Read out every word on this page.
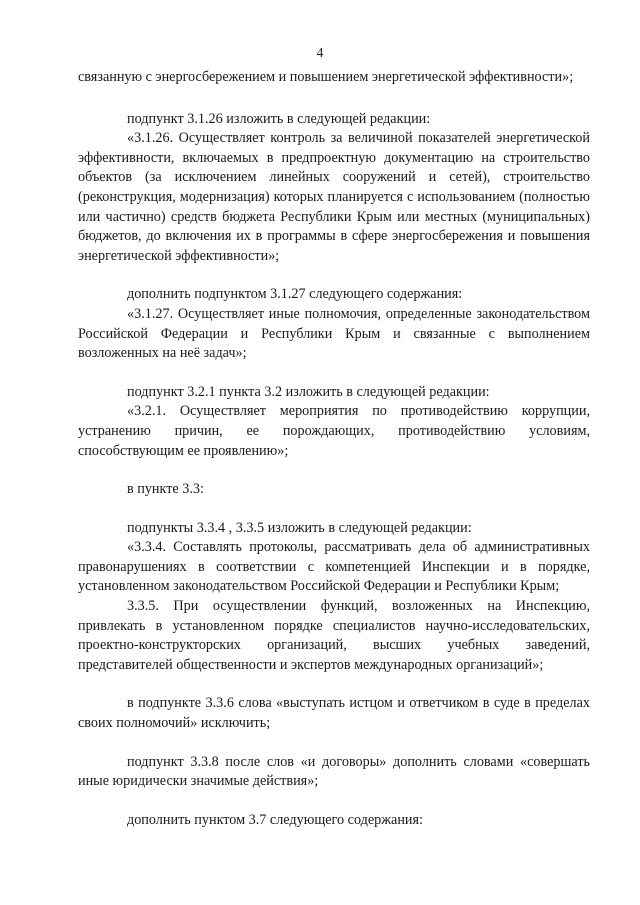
4

связанную с энергосбережением и повышением энергетической эффективности»;

подпункт 3.1.26 изложить в следующей редакции:

«3.1.26. Осуществляет контроль за величиной показателей энергетической эффективности, включаемых в предпроектную документацию на строительство объектов (за исключением линейных сооружений и сетей), строительство (реконструкция, модернизация) которых планируется с использованием (полностью или частично) средств бюджета Республики Крым или местных (муниципальных) бюджетов, до включения их в программы в сфере энергосбережения и повышения энергетической эффективности»;

дополнить подпунктом 3.1.27 следующего содержания:

«3.1.27. Осуществляет иные полномочия, определенные законодательством Российской Федерации и Республики Крым и связанные с выполнением возложенных на неё задач»;

подпункт 3.2.1 пункта 3.2 изложить в следующей редакции:

«3.2.1. Осуществляет мероприятия по противодействию коррупции, устранению причин, ее порождающих, противодействию условиям, способствующим ее проявлению»;

в пункте 3.3:

подпункты 3.3.4 , 3.3.5 изложить в следующей редакции:

«3.3.4. Составлять протоколы, рассматривать дела об административных правонарушениях в соответствии с компетенцией Инспекции и в порядке, установленном законодательством Российской Федерации и Республики Крым;

3.3.5. При осуществлении функций, возложенных на Инспекцию, привлекать в установленном порядке специалистов научно-исследовательских, проектно-конструкторских организаций, высших учебных заведений, представителей общественности и экспертов международных организаций»;

в подпункте 3.3.6 слова «выступать истцом и ответчиком в суде в пределах своих полномочий» исключить;

подпункт 3.3.8 после слов «и договоры» дополнить словами «совершать иные юридически значимые действия»;

дополнить пунктом 3.7 следующего содержания:
